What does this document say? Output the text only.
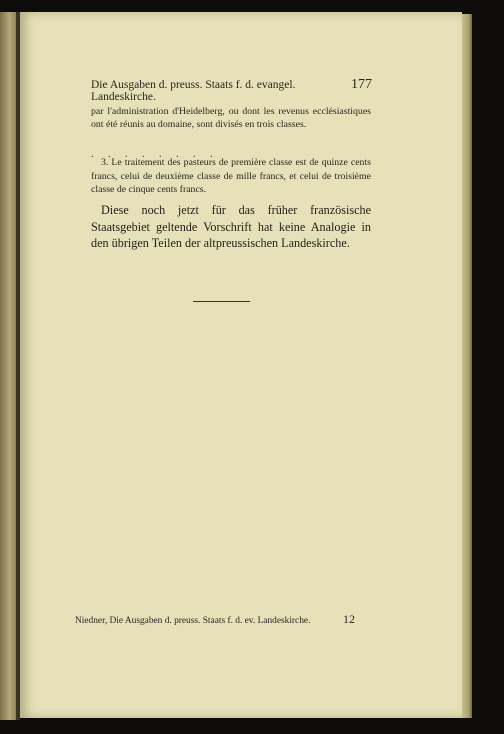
Die Ausgaben d. preuss. Staats f. d. evangel. Landeskirche.
177
par l'administration d'Heidelberg, ou dont les revenus ecclésiastiques ont été réunis au domaine, sont divisés en trois classes.
. . . . . . . .
3. Le traitement des pasteurs de première classe est de quinze cents francs, celui de deuxième classe de mille francs, et celui de troisième classe de cinque cents francs.
Diese noch jetzt für das früher französische Staatsgebiet geltende Vorschrift hat keine Analogie in den übrigen Teilen der altpreussischen Landeskirche.
Niedner, Die Ausgaben d. preuss. Staats f. d. ev. Landeskirche.	12
